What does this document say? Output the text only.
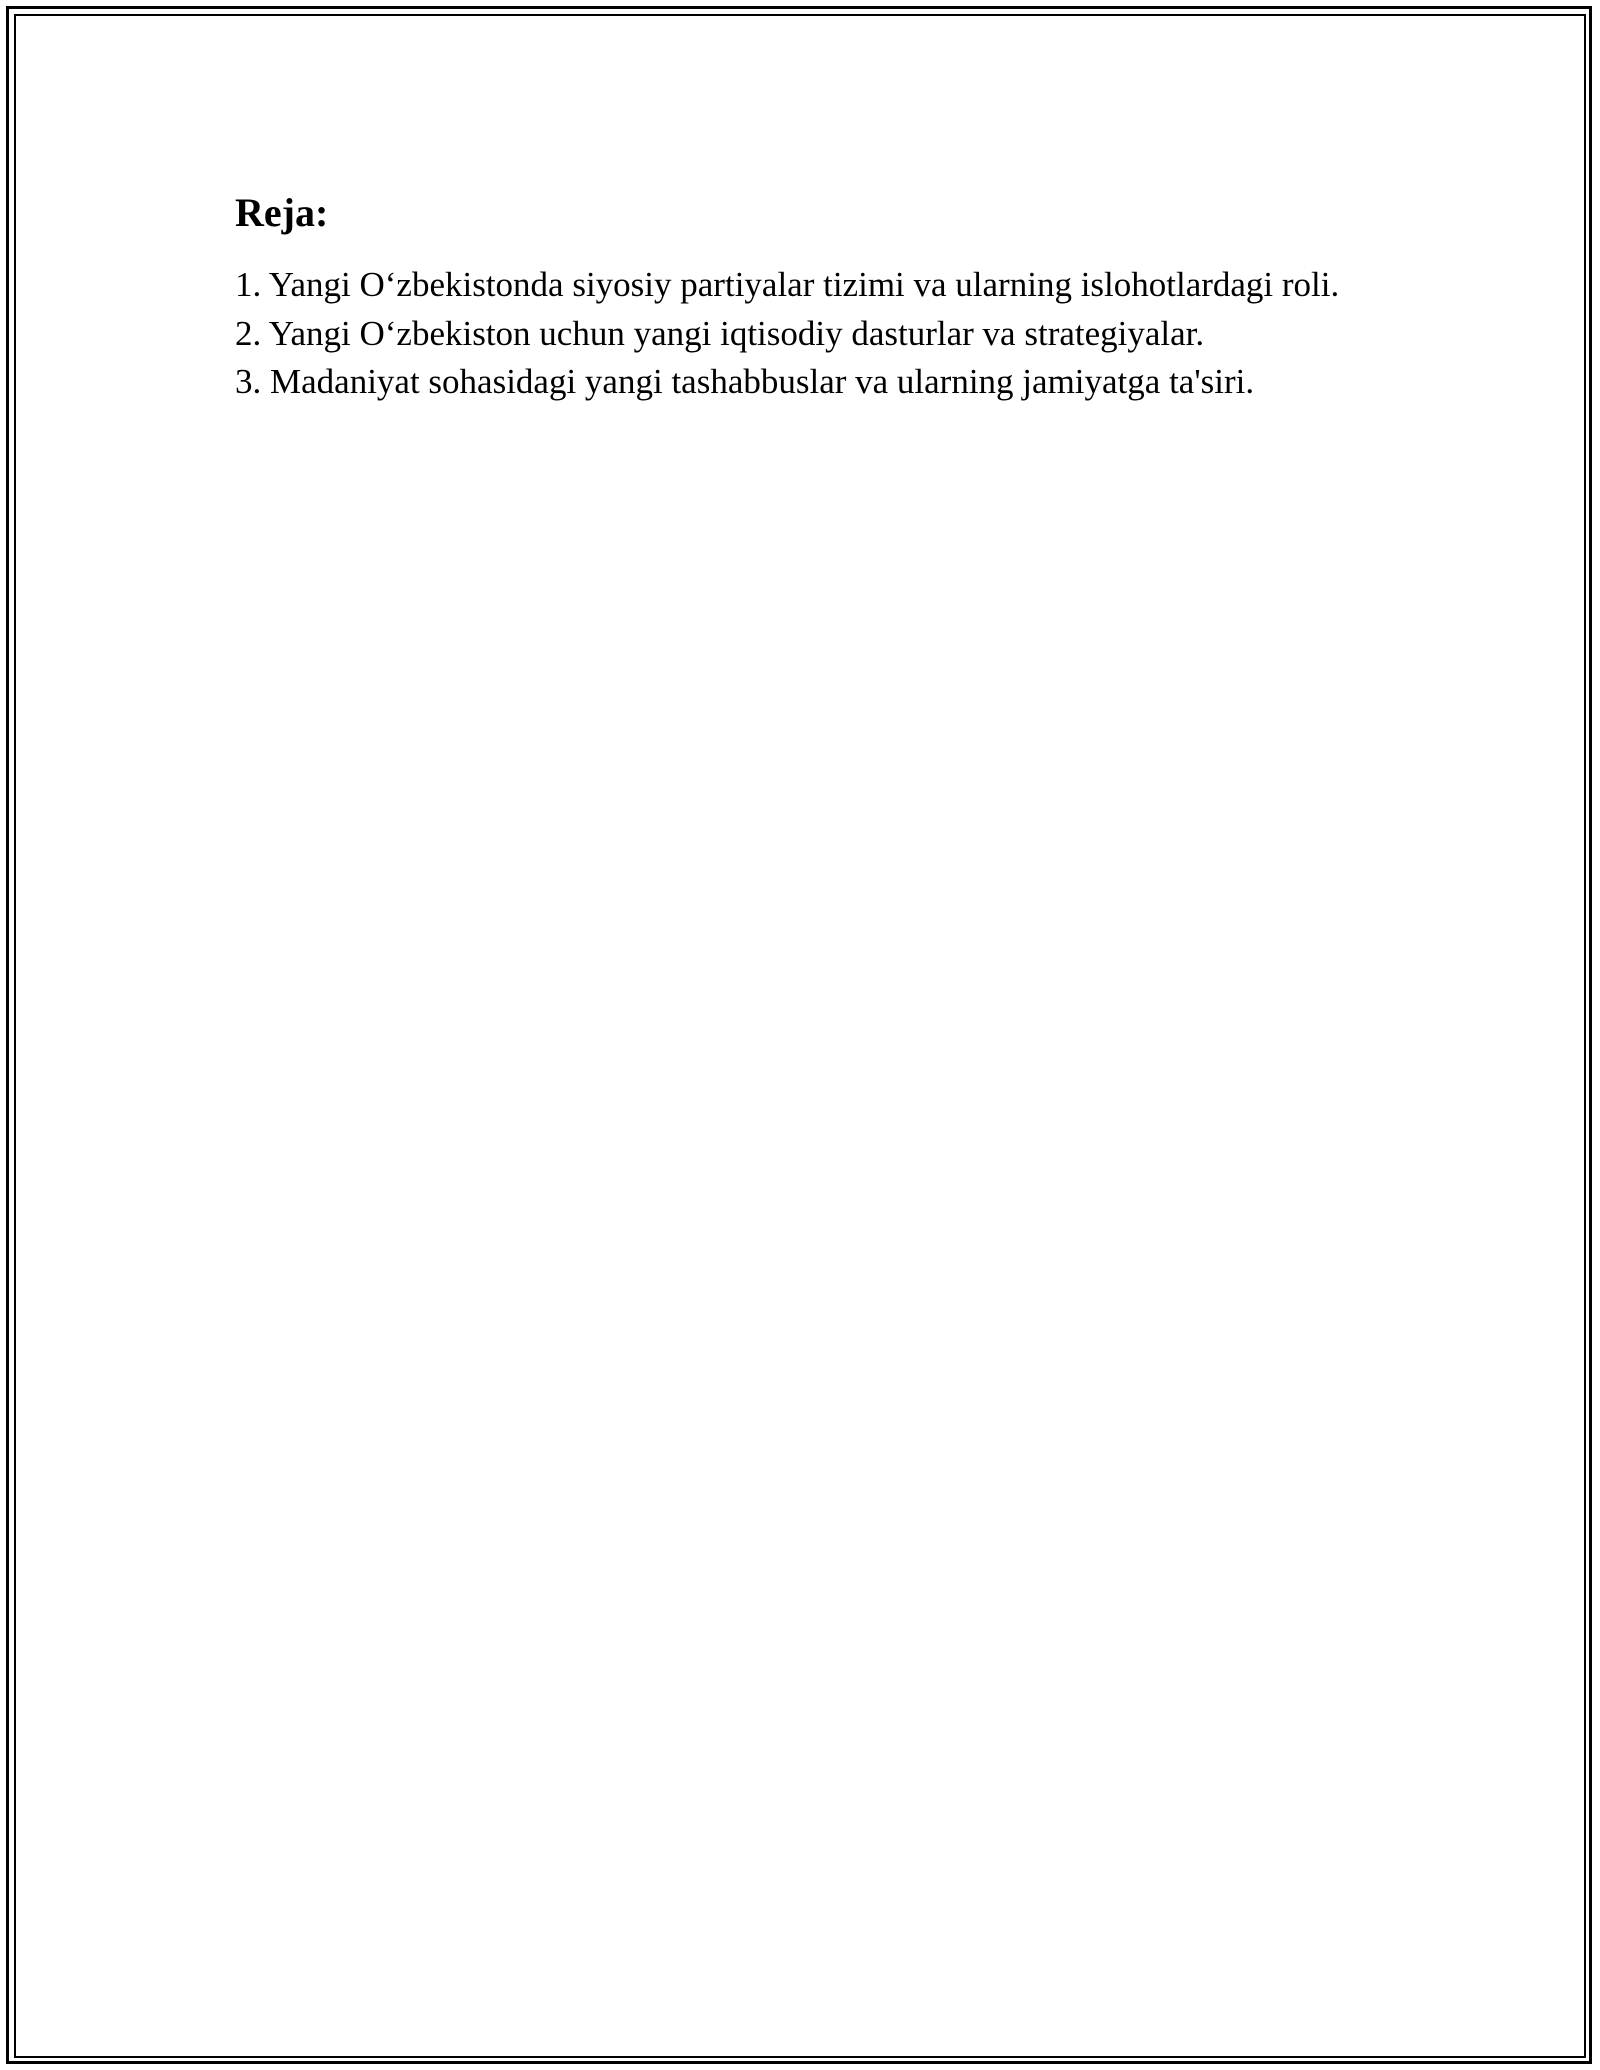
Reja:
1. Yangi O‘zbekistonda siyosiy partiyalar tizimi va ularning islohotlardagi roli.
2. Yangi O‘zbekiston uchun yangi iqtisodiy dasturlar va strategiyalar.
3. Madaniyat sohasidagi yangi tashabbuslar va ularning jamiyatga ta'siri.
